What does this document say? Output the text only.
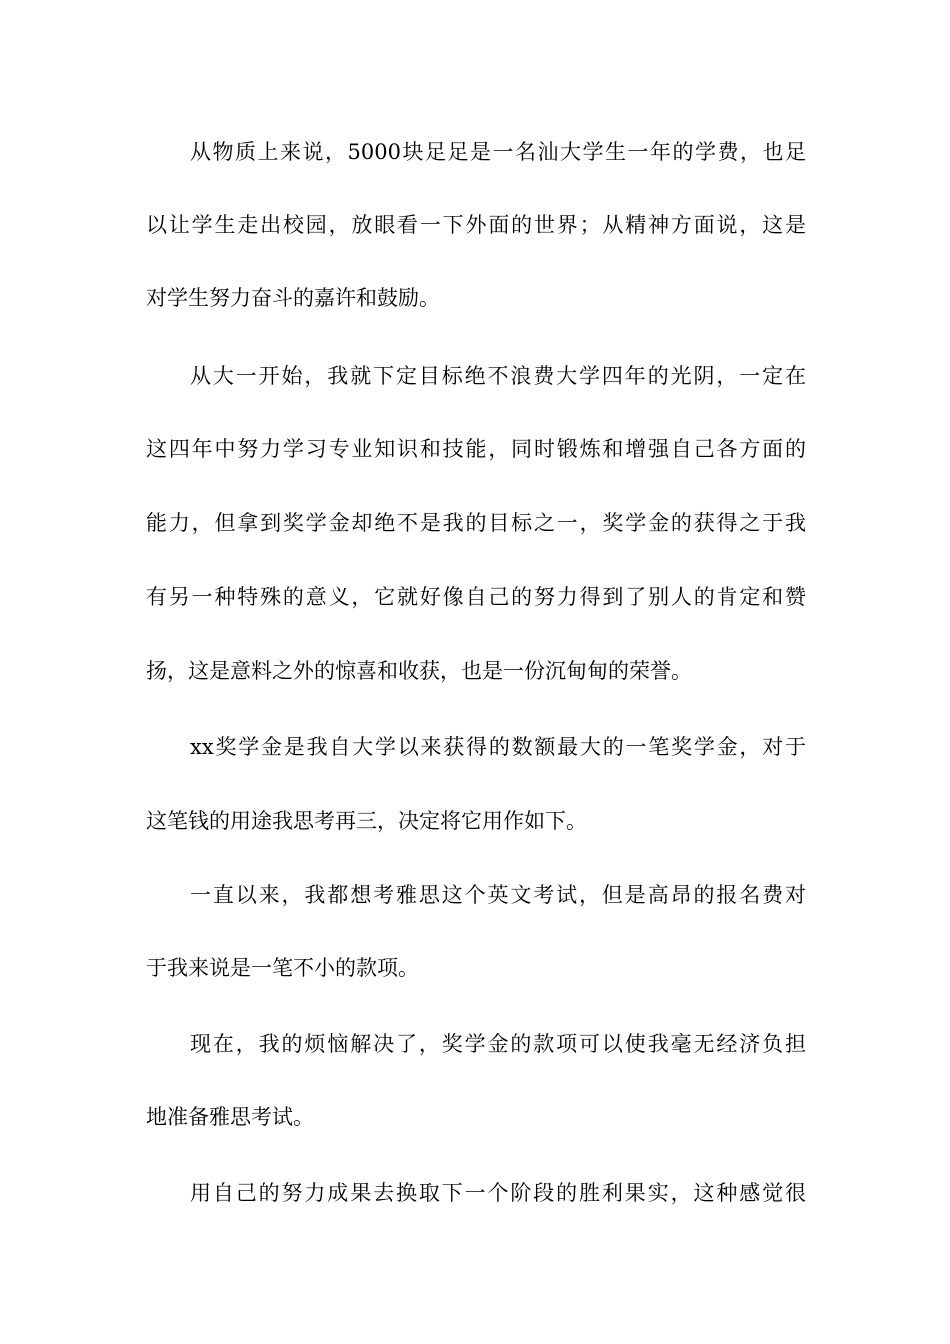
从物质上来说，5000块足足是一名汕大学生一年的学费，也足
以让学生走出校园，放眼看一下外面的世界；从精神方面说，这是
对学生努力奋斗的嘉许和鼓励。
从大一开始，我就下定目标绝不浪费大学四年的光阴，一定在
这四年中努力学习专业知识和技能，同时锻炼和增强自己各方面的
能力，但拿到奖学金却绝不是我的目标之一，奖学金的获得之于我
有另一种特殊的意义，它就好像自己的努力得到了别人的肯定和赞
扬，这是意料之外的惊喜和收获，也是一份沉甸甸的荣誉。
xx奖学金是我自大学以来获得的数额最大的一笔奖学金，对于
这笔钱的用途我思考再三，决定将它用作如下。
一直以来，我都想考雅思这个英文考试，但是高昂的报名费对
于我来说是一笔不小的款项。
现在，我的烦恼解决了，奖学金的款项可以使我毫无经济负担
地准备雅思考试。
用自己的努力成果去换取下一个阶段的胜利果实，这种感觉很
